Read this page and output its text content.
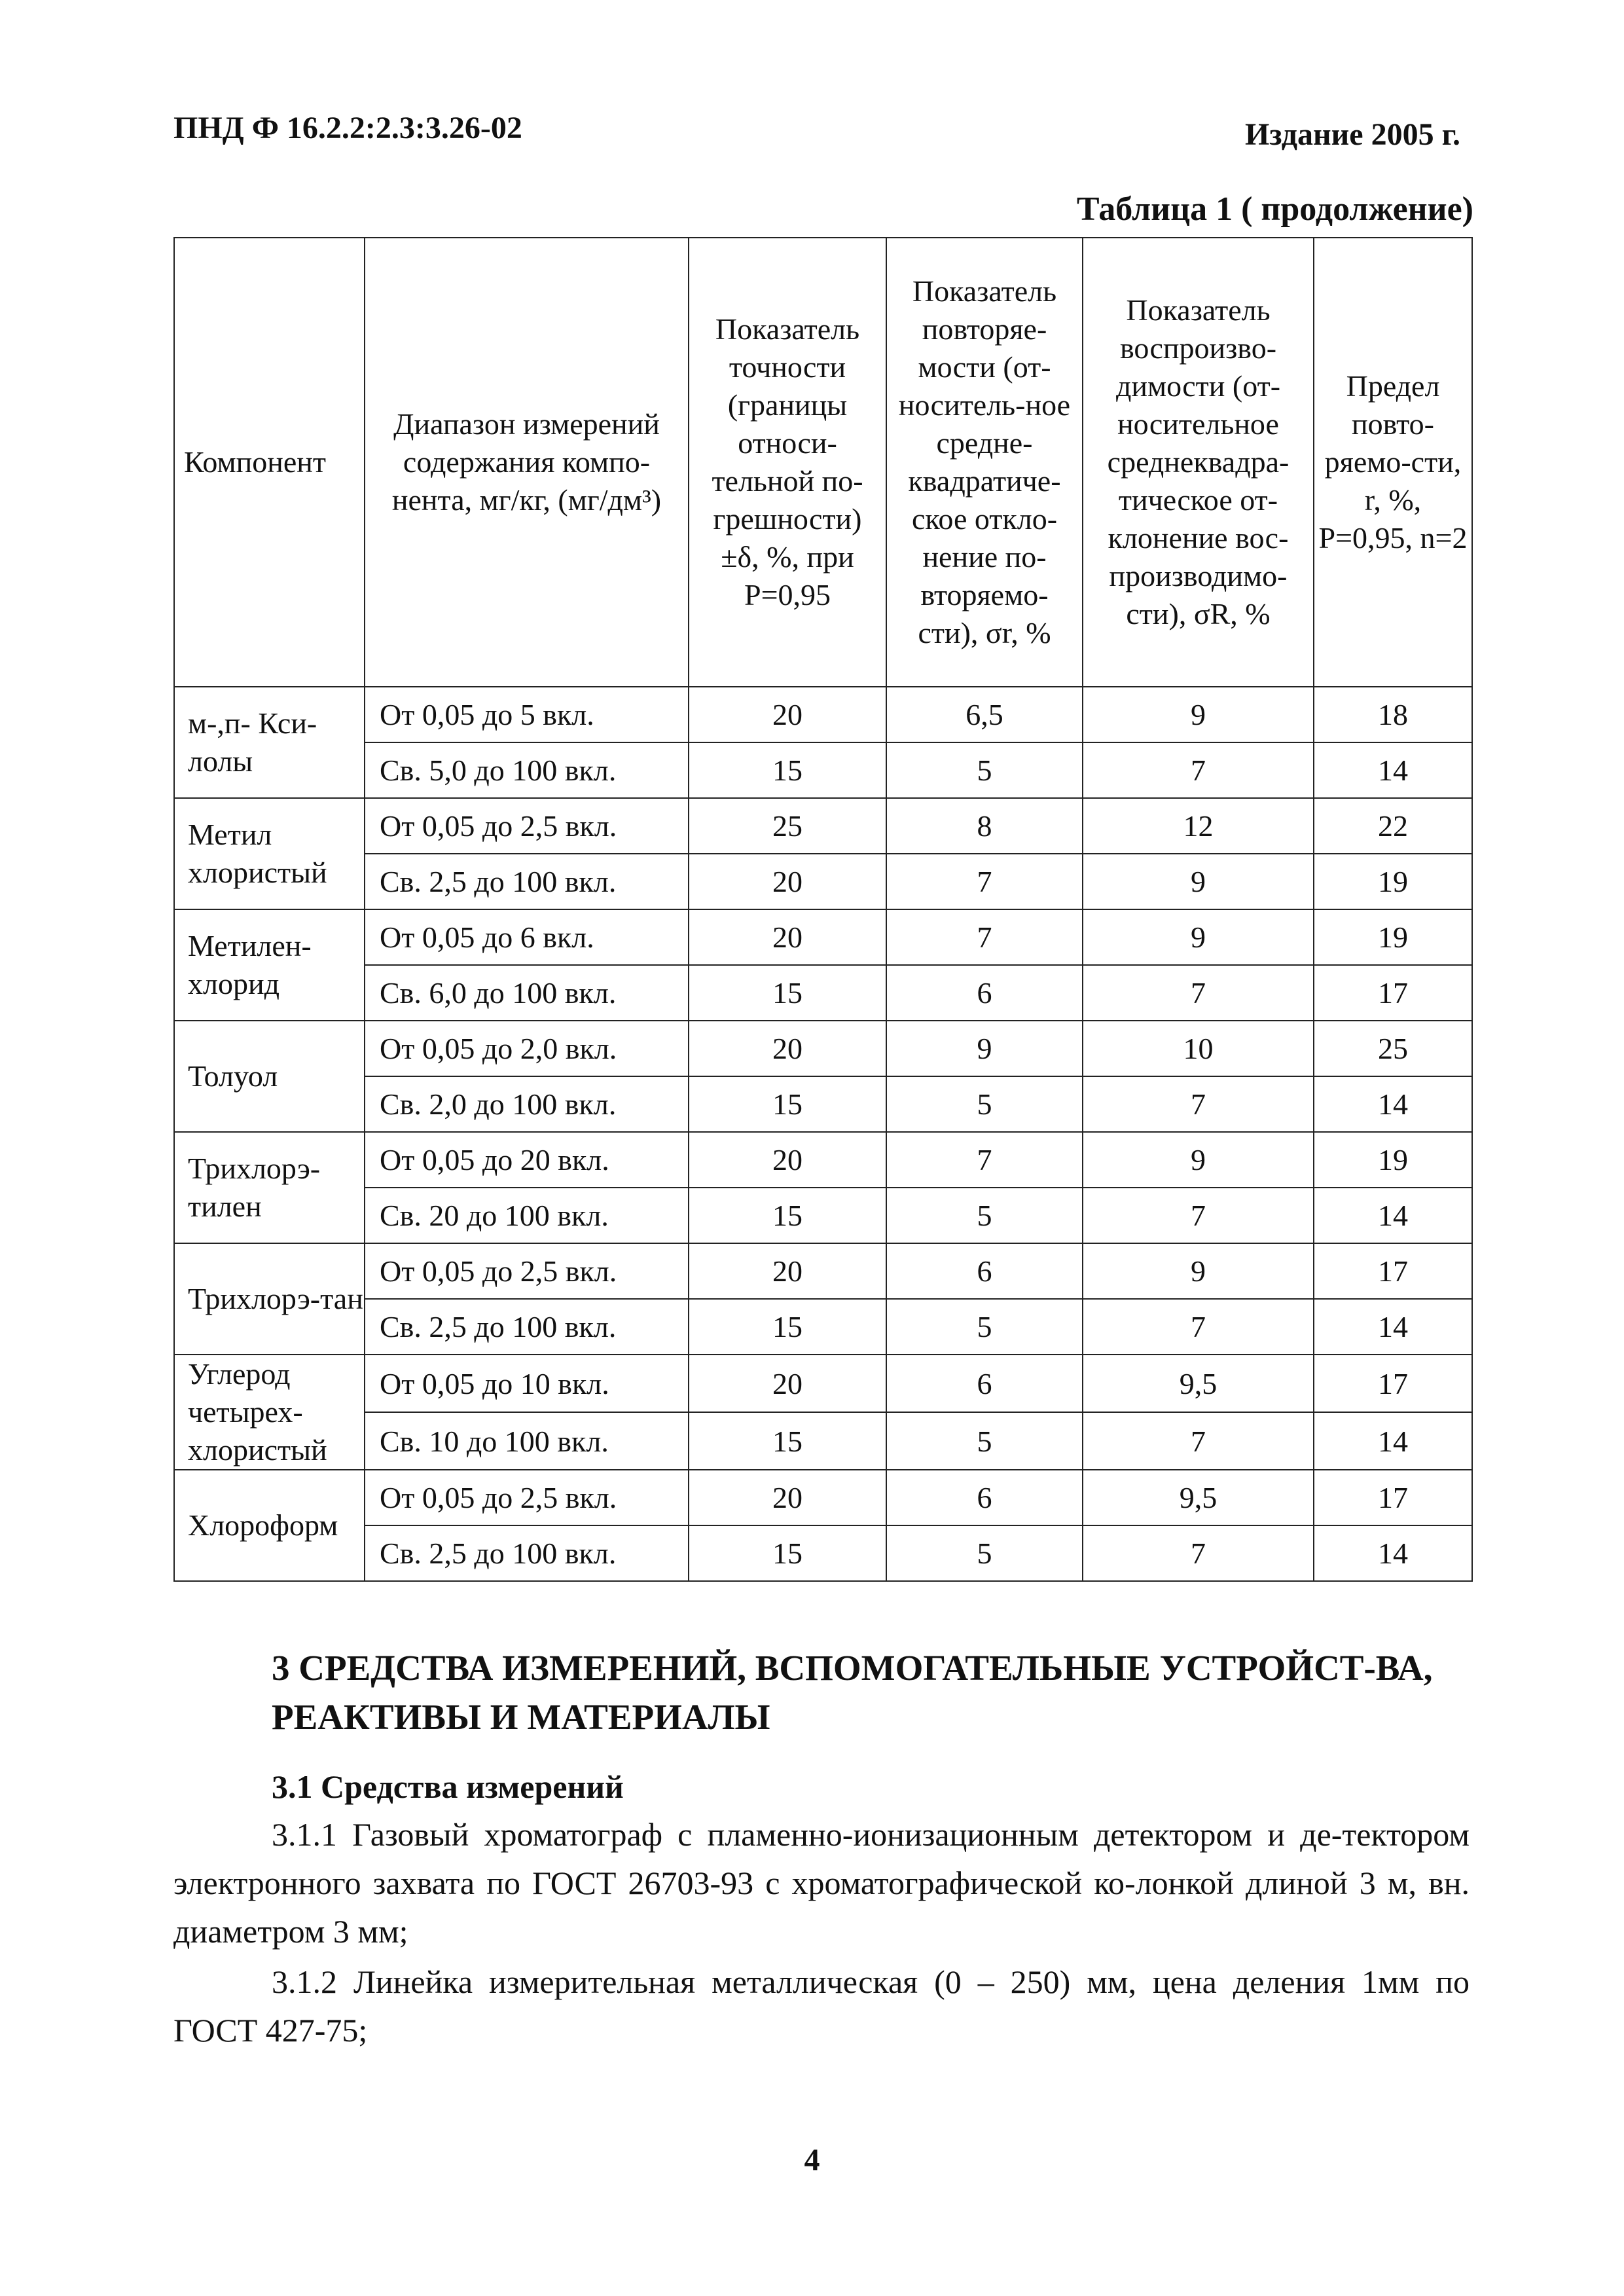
ПНД Ф 16.2.2:2.3:3.26-02	Издание 2005 г.
Таблица 1 ( продолжение)
Компонент	Диапазон измерений содержания компо-нента, мг/кг, (мг/дм³)	Показатель точности (границы относи-тельной по-грешности) ±δ, %, при Р=0,95	Показатель повторяе-мости (от-носитель-ное средне-квадратиче-ское откло-нение по-вторяемо-сти), σr, %	Показатель воспроизво-димости (от-носительное среднеквадра-тическое от-клонение вос-производимо-сти), σR, %	Предел повто-ряемо-сти, r, %, Р=0,95, n=2
м-,п- Кси-лолы	От 0,05 до 5 вкл.	20	6,5	9	18
	Св. 5,0 до 100 вкл.	15	5	7	14
Метил хлористый	От 0,05 до 2,5 вкл.	25	8	12	22
	Св. 2,5 до 100 вкл.	20	7	9	19
Метилен-хлорид	От 0,05 до 6 вкл.	20	7	9	19
	Св. 6,0 до 100 вкл.	15	6	7	17
Толуол	От 0,05 до 2,0 вкл.	20	9	10	25
	Св. 2,0 до 100 вкл.	15	5	7	14
Трихлорэ-тилен	От 0,05 до 20 вкл.	20	7	9	19
	Св. 20 до 100 вкл.	15	5	7	14
Трихлорэ-тан	От 0,05 до 2,5 вкл.	20	6	9	17
	Св. 2,5 до 100 вкл.	15	5	7	14
Углерод четырех-хлористый	От 0,05 до 10 вкл.	20	6	9,5	17
	Св. 10 до 100 вкл.	15	5	7	14
Хлороформ	От 0,05 до 2,5 вкл.	20	6	9,5	17
	Св. 2,5 до 100 вкл.	15	5	7	14
3 СРЕДСТВА ИЗМЕРЕНИЙ, ВСПОМОГАТЕЛЬНЫЕ УСТРОЙСТ-ВА, РЕАКТИВЫ И МАТЕРИАЛЫ
3.1 Средства измерений
3.1.1 Газовый хроматограф с пламенно-ионизационным детектором и де-тектором электронного захвата по ГОСТ 26703-93 с хроматографической ко-лонкой длиной 3 м, вн. диаметром 3 мм;
3.1.2 Линейка измерительная металлическая (0 – 250) мм, цена деления 1мм по ГОСТ 427-75;
4
